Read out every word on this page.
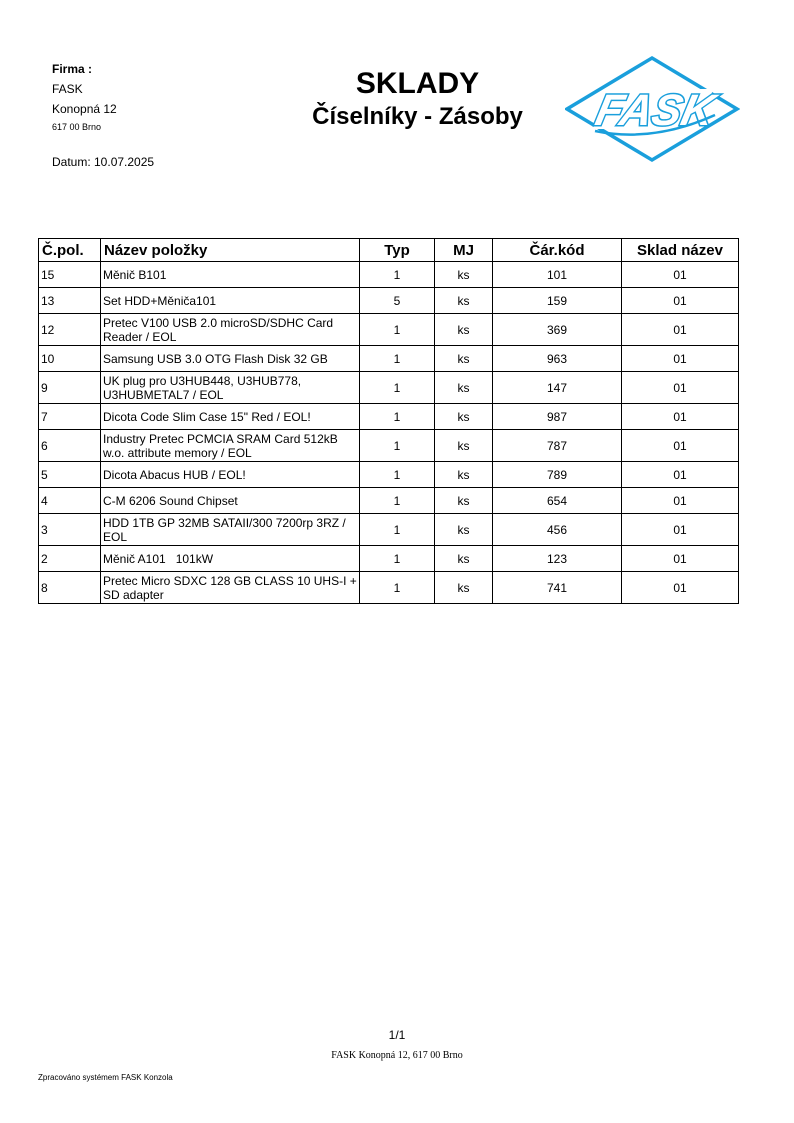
Firma :
FASK
Konopná 12
617 00 Brno
Datum: 10.07.2025
SKLADY
Číselníky - Zásoby	FASK
Č.pol.	Název položky	Typ	MJ	Čár.kód	Sklad název
15	Měnič B101	1	ks	101	01
13	Set HDD+Měniča101	5	ks	159	01
12	Pretec V100 USB 2.0 microSD/SDHC Card Reader / EOL	1	ks	369	01
10	Samsung USB 3.0 OTG Flash Disk 32 GB	1	ks	963	01
9	UK plug pro U3HUB448, U3HUB778, U3HUBMETAL7 / EOL	1	ks	147	01
7	Dicota Code Slim Case 15" Red / EOL!	1	ks	987	01
6	Industry Pretec PCMCIA SRAM Card 512kB w.o. attribute memory / EOL	1	ks	787	01
5	Dicota Abacus HUB / EOL!	1	ks	789	01
4	C-M 6206 Sound Chipset	1	ks	654	01
3	HDD 1TB GP 32MB SATAII/300 7200rp 3RZ / EOL	1	ks	456	01
2	Měnič A101   101kW	1	ks	123	01
8	Pretec Micro SDXC 128 GB CLASS 10 UHS-I + SD adapter	1	ks	741	01
1/1
FASK Konopná 12, 617 00 Brno
Zpracováno systémem FASK Konzola
